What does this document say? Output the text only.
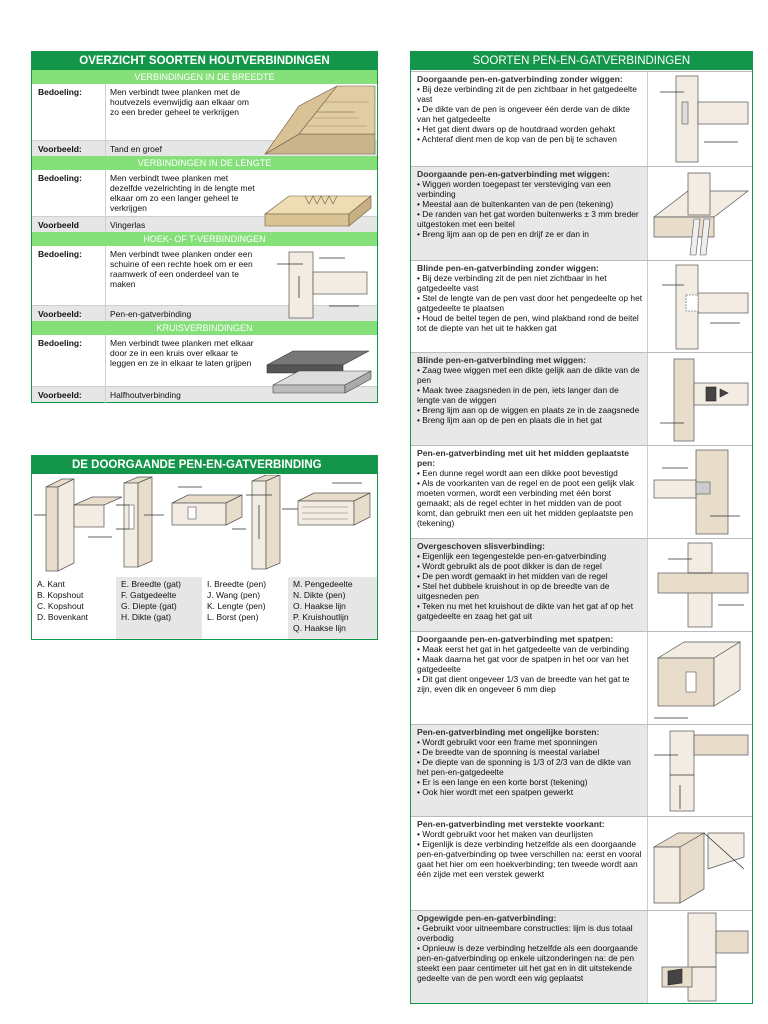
OVERZICHT SOORTEN HOUTVERBINDINGEN
VERBINDINGEN IN DE BREEDTE
Bedoeling:	Men verbindt twee planken met de houtvezels evenwijdig aan elkaar om zo een breder geheel te verkrijgen
Voorbeeld:	Tand en groef
VERBINDINGEN IN DE LENGTE
Bedoeling:	Men verbindt twee planken met dezelfde vezelrichting in de lengte met elkaar om zo een langer geheel te verkrijgen
Voorbeeld	Vingerlas
HOEK- OF T-VERBINDINGEN
Bedoeling:	Men verbindt twee planken onder een schuine of een rechte hoek om er een raamwerk of een onderdeel van te maken
Voorbeeld:	Pen-en-gatverbinding
KRUISVERBINDINGEN
Bedoeling:	Men verbindt twee planken met elkaar door ze in een kruis over elkaar te leggen en ze in elkaar te laten grijpen
Voorbeeld:	Halfhoutverbinding
DE DOORGAANDE PEN-EN-GATVERBINDING
A. Kant
B. Kopshout
C. Kopshout
D. Bovenkant
E. Breedte (gat)
F. Gatgedeelte
G. Diepte (gat)
H. Dikte (gat)
I. Breedte (pen)
J. Wang (pen)
K. Lengte (pen)
L. Borst (pen)
M. Pengedeelte
N. Dikte (pen)
O. Haakse lijn
P. Kruishoutlijn
Q. Haakse lijn
SOORTEN PEN-EN-GATVERBINDINGEN
Doorgaande pen-en-gatverbinding zonder wiggen:
• Bij deze verbinding zit de pen zichtbaar in het gatgedeelte vast
• De dikte van de pen is ongeveer één derde van de dikte van het gatgedeelte
• Het gat dient dwars op de houtdraad worden gehakt
• Achteraf dient men de kop van de pen bij te schaven
Doorgaande pen-en-gatverbinding met wiggen:
• Wiggen worden toegepast ter versteviging van een verbinding
• Meestal aan de buitenkanten van de pen (tekening)
• De randen van het gat worden buitenwerks ± 3 mm breder uitgestoken met een beitel
• Breng lijm aan op de pen en drijf ze er dan in
Blinde pen-en-gatverbinding zonder wiggen:
• Bij deze verbinding zit de pen niet zichtbaar in het gatgedeelte vast
• Stel de lengte van de pen vast door het pengedeelte op het gatgedeelte te plaatsen
• Houd de beitel tegen de pen, wind plakband rond de beitel tot de diepte van het uit te hakken gat
Blinde pen-en-gatverbinding met wiggen:
• Zaag twee wiggen met een dikte gelijk aan de dikte van de pen
• Maak twee zaagsneden in de pen, iets langer dan de lengte van de wiggen
• Breng lijm aan op de wiggen en plaats ze in de zaagsnede
• Breng lijm aan op de pen en plaats die in het gat
Pen-en-gatverbinding met uit het midden geplaatste pen:
• Een dunne regel wordt aan een dikke poot bevestigd
• Als de voorkanten van de regel en de poot een gelijk vlak moeten vormen, wordt een verbinding met één borst gemaakt; als de regel echter in het midden van de poot komt, dan gebruikt men een uit het midden geplaatste pen (tekening)
Overgeschoven slisverbinding:
• Eigenlijk een tegengestelde pen-en-gatverbinding
• Wordt gebruikt als de poot dikker is dan de regel
• De pen wordt gemaakt in het midden van de regel
• Stel het dubbele kruishout in op de breedte van de uitgesneden pen
• Teken nu met het kruishout de dikte van het gat af op het gatgedeelte en zaag het gat uit
Doorgaande pen-en-gatverbinding met spatpen:
• Maak eerst het gat in het gatgedeelte van de verbinding
• Maak daarna het gat voor de spatpen in het oor van het gatgedeelte
• Dit gat dient ongeveer 1/3 van de breedte van het gat te zijn, even dik en ongeveer 6 mm diep
Pen-en-gatverbinding met ongelijke borsten:
• Wordt gebruikt voor een frame met sponningen
• De breedte van de sponning is meestal variabel
• De diepte van de sponning is 1/3 of 2/3 van de dikte van het pen-en-gatgedeelte
• Er is een lange en een korte borst (tekening)
• Ook hier wordt met een spatpen gewerkt
Pen-en-gatverbinding met verstekte voorkant:
• Wordt gebruikt voor het maken van deurlijsten
• Eigenlijk is deze verbinding hetzelfde als een doorgaande pen-en-gatverbinding op twee verschillen na: eerst en vooral gaat het hier om een hoekverbinding; ten tweede wordt aan één zijde met een verstek gewerkt
Opgewigde pen-en-gatverbinding:
• Gebruikt voor uitneembare constructies: lijm is dus totaal overbodig
• Opnieuw is deze verbinding hetzelfde als een doorgaande pen-en-gatverbinding op enkele uitzonderingen na: de pen steekt een paar centimeter uit het gat en in dit uitstekende gedeelte van de pen wordt een wig geplaatst
